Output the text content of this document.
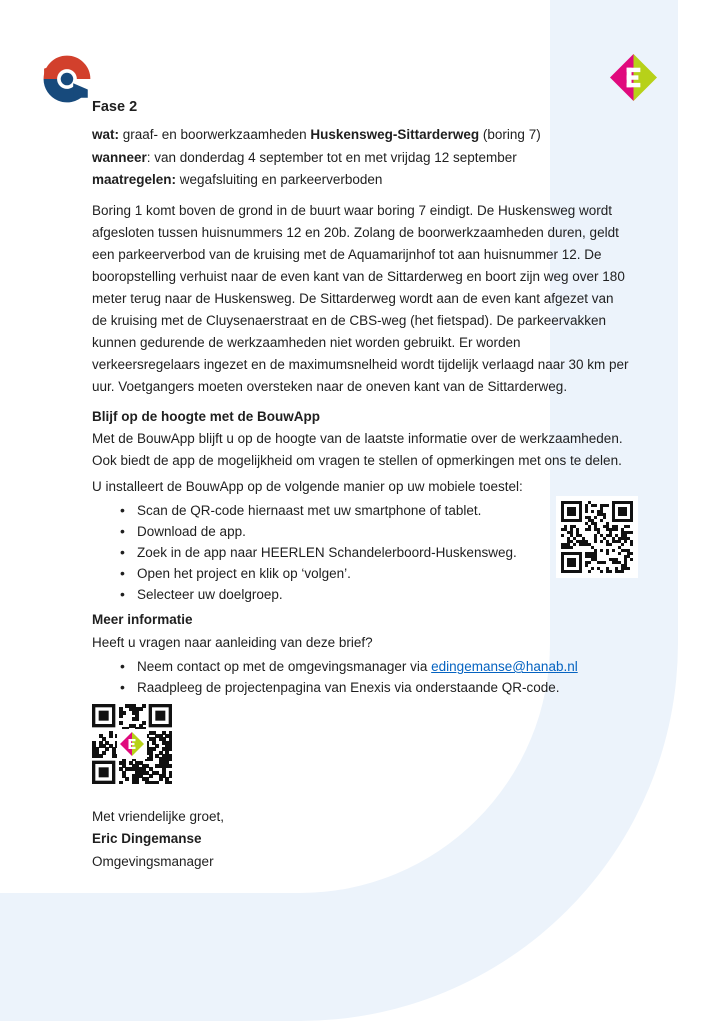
Fase 2
wat: graaf- en boorwerkzaamheden Huskensweg-Sittarderweg (boring 7)
wanneer: van donderdag 4 september tot en met vrijdag 12 september
maatregelen: wegafsluiting en parkeerverboden

Boring 1 komt boven de grond in de buurt waar boring 7 eindigt. De Huskensweg wordt afgesloten tussen huisnummers 12 en 20b. Zolang de boorwerkzaamheden duren, geldt een parkeerverbod van de kruising met de Aquamarijnhof tot aan huisnummer 12. De booropstelling verhuist naar de even kant van de Sittarderweg en boort zijn weg over 180 meter terug naar de Huskensweg. De Sittarderweg wordt aan de even kant afgezet van de kruising met de Cluysenaerstraat en de CBS-weg (het fietspad). De parkeervakken kunnen gedurende de werkzaamheden niet worden gebruikt. Er worden verkeersregelaars ingezet en de maximumsnelheid wordt tijdelijk verlaagd naar 30 km per uur. Voetgangers moeten oversteken naar de oneven kant van de Sittarderweg.

Blijf op de hoogte met de BouwApp

Met de BouwApp blijft u op de hoogte van de laatste informatie over de werkzaamheden. Ook biedt de app de mogelijkheid om vragen te stellen of opmerkingen met ons te delen.

U installeert de BouwApp op de volgende manier op uw mobiele toestel:

• Scan de QR-code hiernaast met uw smartphone of tablet.
• Download de app.
• Zoek in de app naar HEERLEN Schandelerboord-Huskensweg.
• Open het project en klik op ‘volgen’.
• Selecteer uw doelgroep.
Meer informatie
Heeft u vragen naar aanleiding van deze brief?
• Neem contact op met de omgevingsmanager via edingemanse@hanab.nl
• Raadpleeg de projectenpagina van Enexis via onderstaande QR-code.
Met vriendelijke groet,
Eric Dingemanse
Omgevingsmanager
